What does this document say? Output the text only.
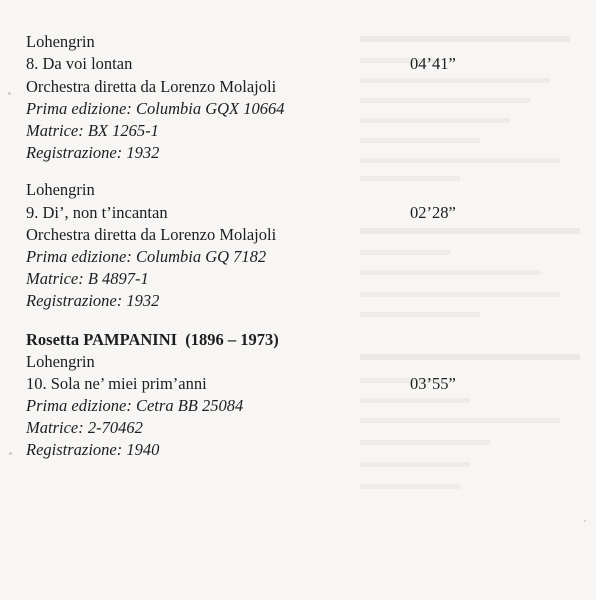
Lohengrin
8. Da voi lontan	04’41”
Orchestra diretta da Lorenzo Molajoli
Prima edizione: Columbia GQX 10664
Matrice: BX 1265-1
Registrazione: 1932
Lohengrin
9. Di’, non t’incantan	02’28”
Orchestra diretta da Lorenzo Molajoli
Prima edizione: Columbia GQ 7182
Matrice: B 4897-1
Registrazione: 1932
Rosetta PAMPANINI  (1896 – 1973)
Lohengrin
10. Sola ne’ miei prim’anni	03’55”
Prima edizione: Cetra BB 25084
Matrice: 2-70462
Registrazione: 1940
